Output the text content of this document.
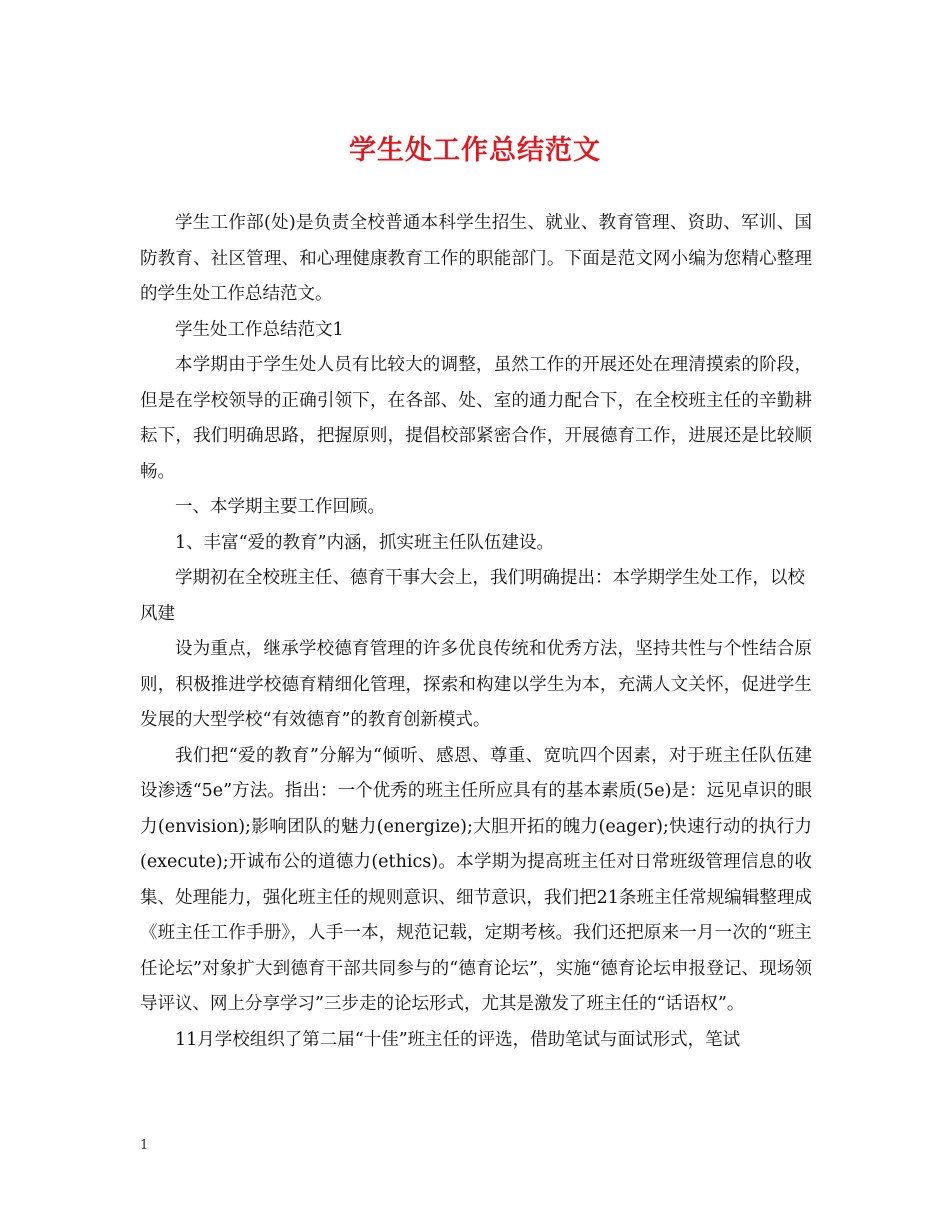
学生处工作总结范文

学生工作部(处)是负责全校普通本科学生招生、就业、教育管理、资助、军训、国防教育、社区管理、和心理健康教育工作的职能部门。下面是范文网小编为您精心整理的学生处工作总结范文。

学生处工作总结范文1

本学期由于学生处人员有比较大的调整，虽然工作的开展还处在理清摸索的阶段，但是在学校领导的正确引领下，在各部、处、室的通力配合下，在全校班主任的辛勤耕耘下，我们明确思路，把握原则，提倡校部紧密合作，开展德育工作，进展还是比较顺畅。

一、本学期主要工作回顾。

1、丰富“爱的教育”内涵，抓实班主任队伍建设。

学期初在全校班主任、德育干事大会上，我们明确提出：本学期学生处工作，以校风建

设为重点，继承学校德育管理的许多优良传统和优秀方法，坚持共性与个性结合原则，积极推进学校德育精细化管理，探索和构建以学生为本，充满人文关怀，促进学生发展的大型学校“有效德育”的教育创新模式。

我们把“爱的教育”分解为“倾听、感恩、尊重、宽吭四个因素，对于班主任队伍建设渗透“5e”方法。指出：一个优秀的班主任所应具有的基本素质(5e)是：远见卓识的眼力(envision);影响团队的魅力(energize);大胆开拓的魄力(eager);快速行动的执行力(execute);开诚布公的道德力(ethics)。本学期为提高班主任对日常班级管理信息的收集、处理能力，强化班主任的规则意识、细节意识，我们把21条班主任常规编辑整理成《班主任工作手册》，人手一本，规范记载，定期考核。我们还把原来一月一次的“班主任论坛”对象扩大到德育干部共同参与的“德育论坛”，实施“德育论坛申报登记、现场领导评议、网上分享学习”三步走的论坛形式，尤其是激发了班主任的“话语权”。

11月学校组织了第二届“十佳”班主任的评选，借助笔试与面试形式，笔试

1
